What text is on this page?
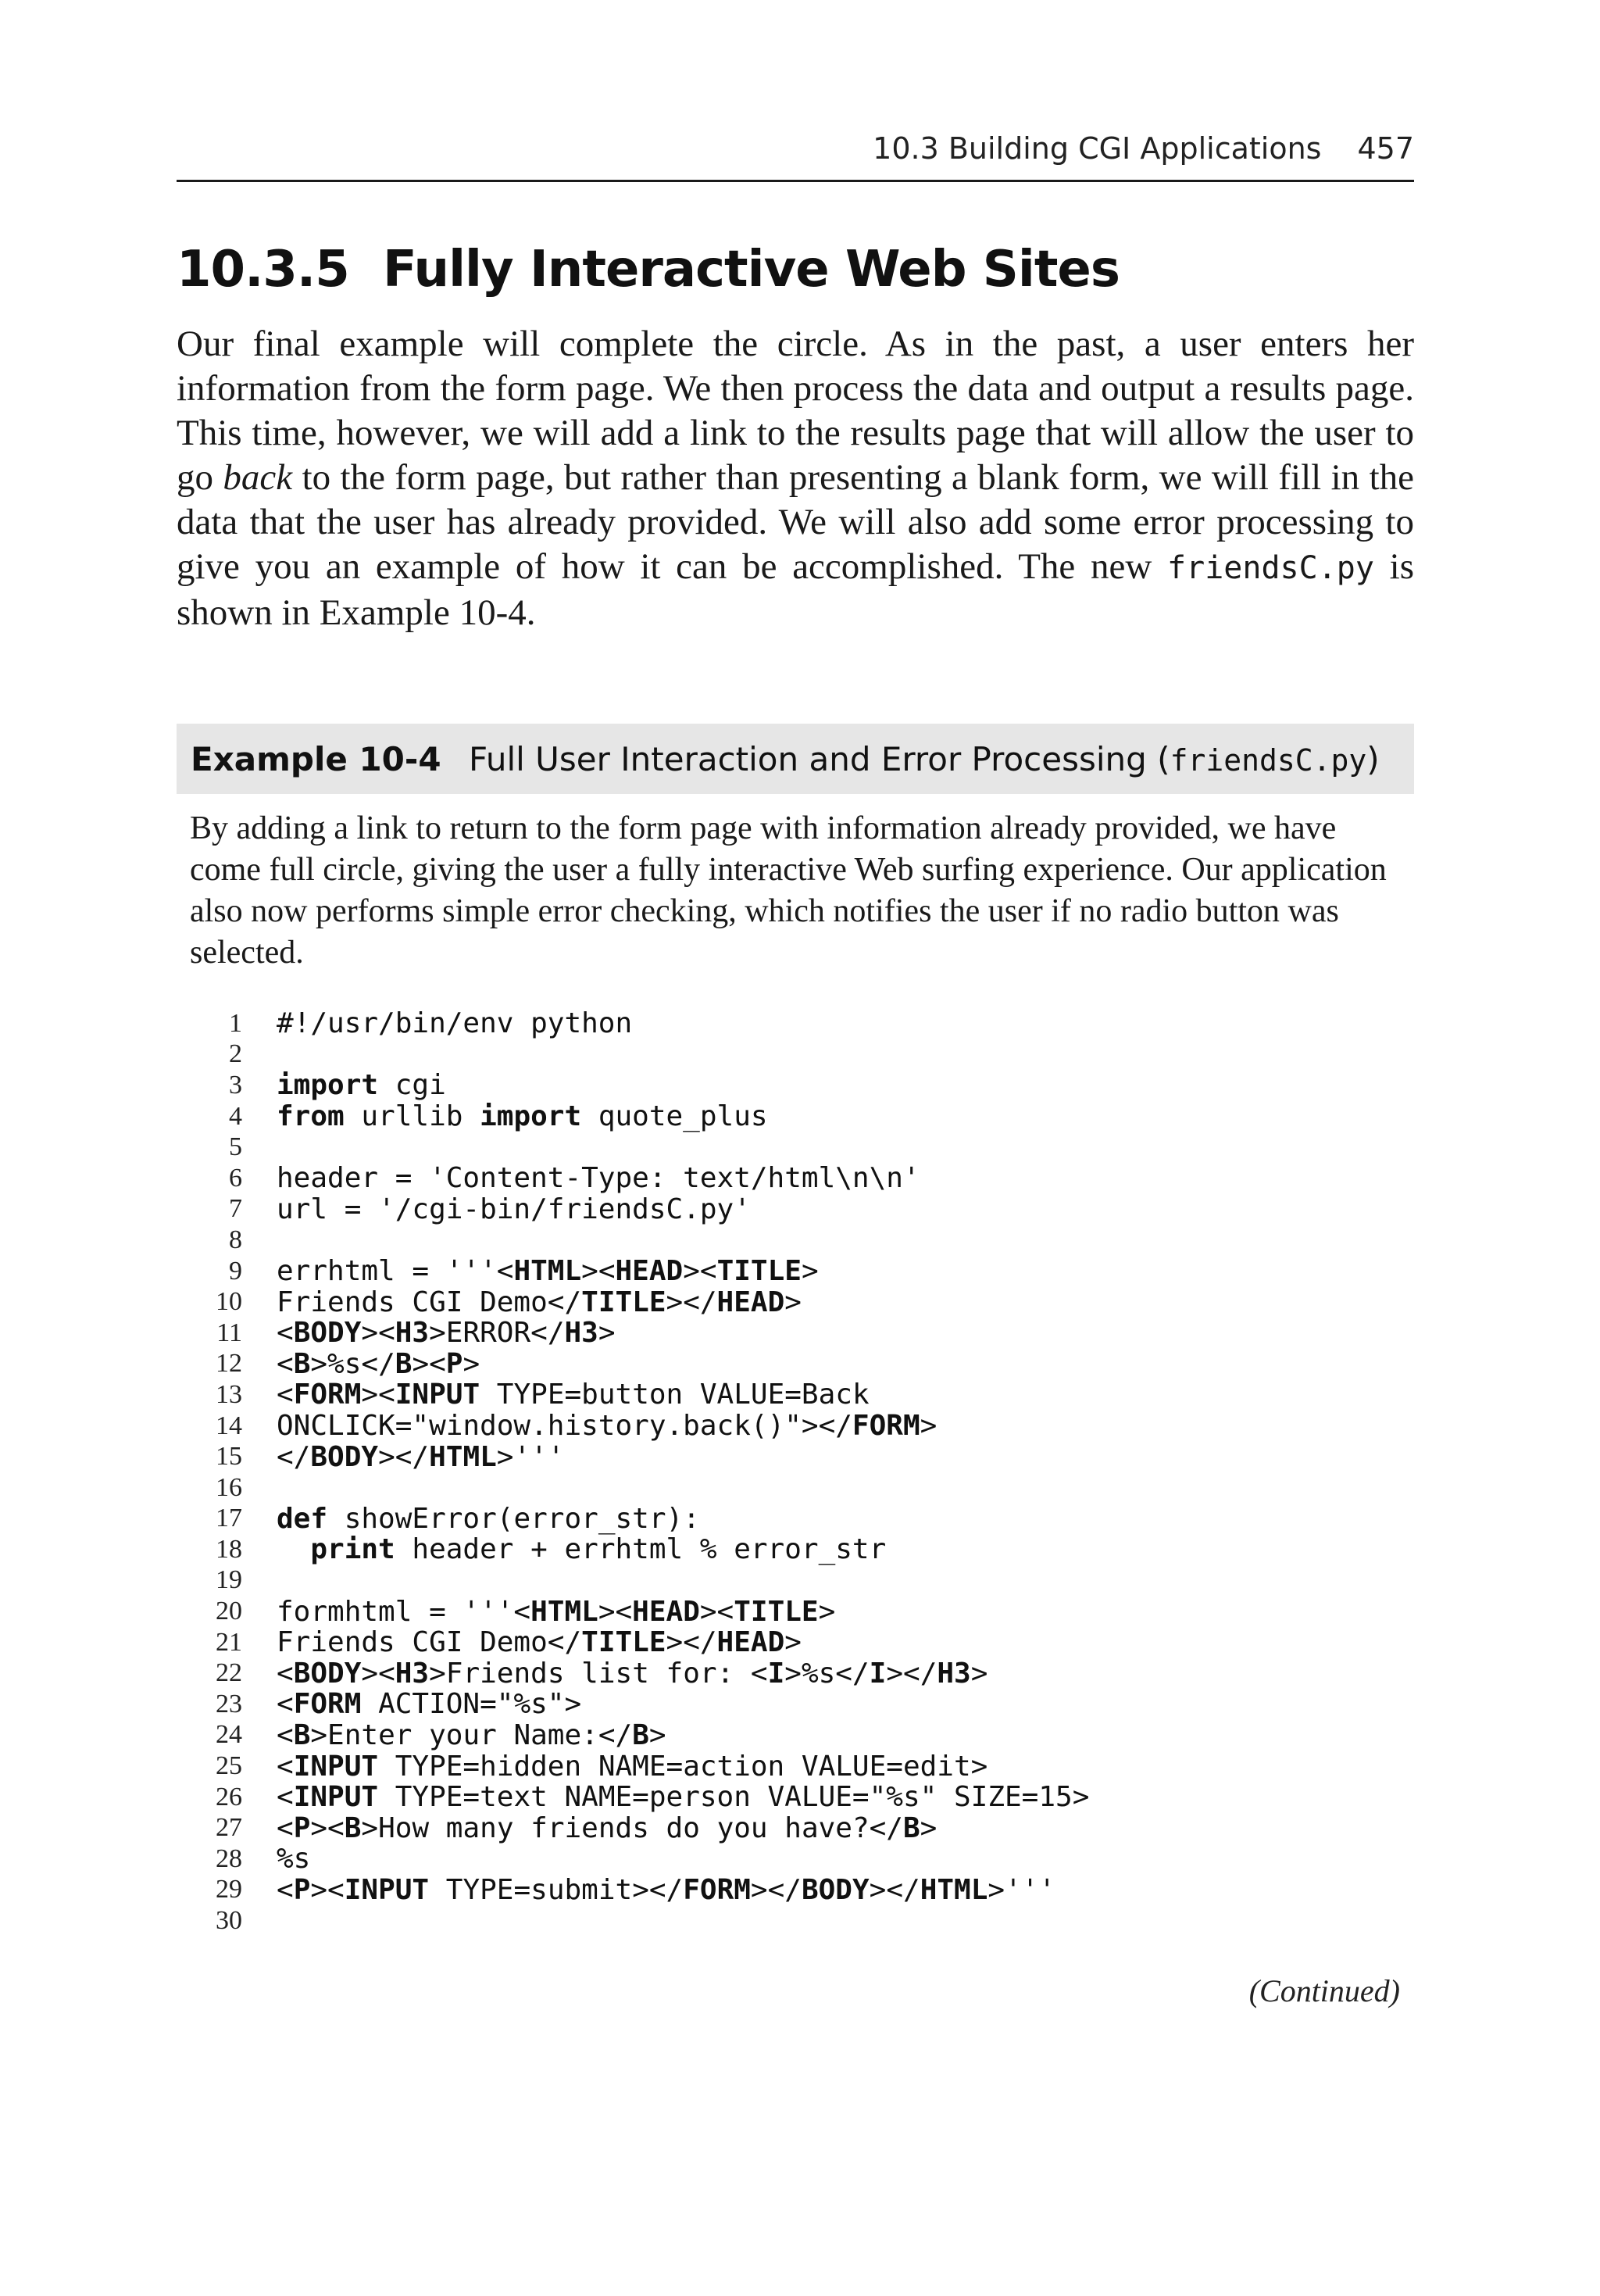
10.3 Building CGI Applications 457
10.3.5 Fully Interactive Web Sites

Our final example will complete the circle. As in the past, a user enters her information from the form page. We then process the data and output a results page. This time, however, we will add a link to the results page that will allow the user to go back to the form page, but rather than presenting a blank form, we will fill in the data that the user has already provided. We will also add some error processing to give you an example of how it can be accomplished. The new friendsC.py is shown in Example 10-4.

Example 10-4 Full User Interaction and Error Processing (friendsC.py)

By adding a link to return to the form page with information already provided, we have come full circle, giving the user a fully interactive Web surfing experience. Our application also now performs simple error checking, which notifies the user if no radio button was selected.

1 #!/usr/bin/env python
2
3 import cgi
4 from urllib import quote_plus
5
6 header = 'Content-Type: text/html\n\n'
7 url = '/cgi-bin/friendsC.py'
8
9 errhtml = '''<HTML><HEAD><TITLE>
10 Friends CGI Demo</TITLE></HEAD>
11 <BODY><H3>ERROR</H3>
12 <B>%s</B><P>
13 <FORM><INPUT TYPE=button VALUE=Back
14 ONCLICK="window.history.back()"></FORM>
15 </BODY></HTML>'''
16
17 def showError(error_str):
18	print header + errhtml % error_str
19
20 formhtml = '''<HTML><HEAD><TITLE>
21 Friends CGI Demo</TITLE></HEAD>
22 <BODY><H3>Friends list for: <I>%s</I></H3>
23 <FORM ACTION="%s">
24 <B>Enter your Name:</B>
25 <INPUT TYPE=hidden NAME=action VALUE=edit>
26 <INPUT TYPE=text NAME=person VALUE="%s" SIZE=15>
27 <P><B>How many friends do you have?</B>
28 %s
29 <P><INPUT TYPE=submit></FORM></BODY></HTML>'''
30
(Continued)
